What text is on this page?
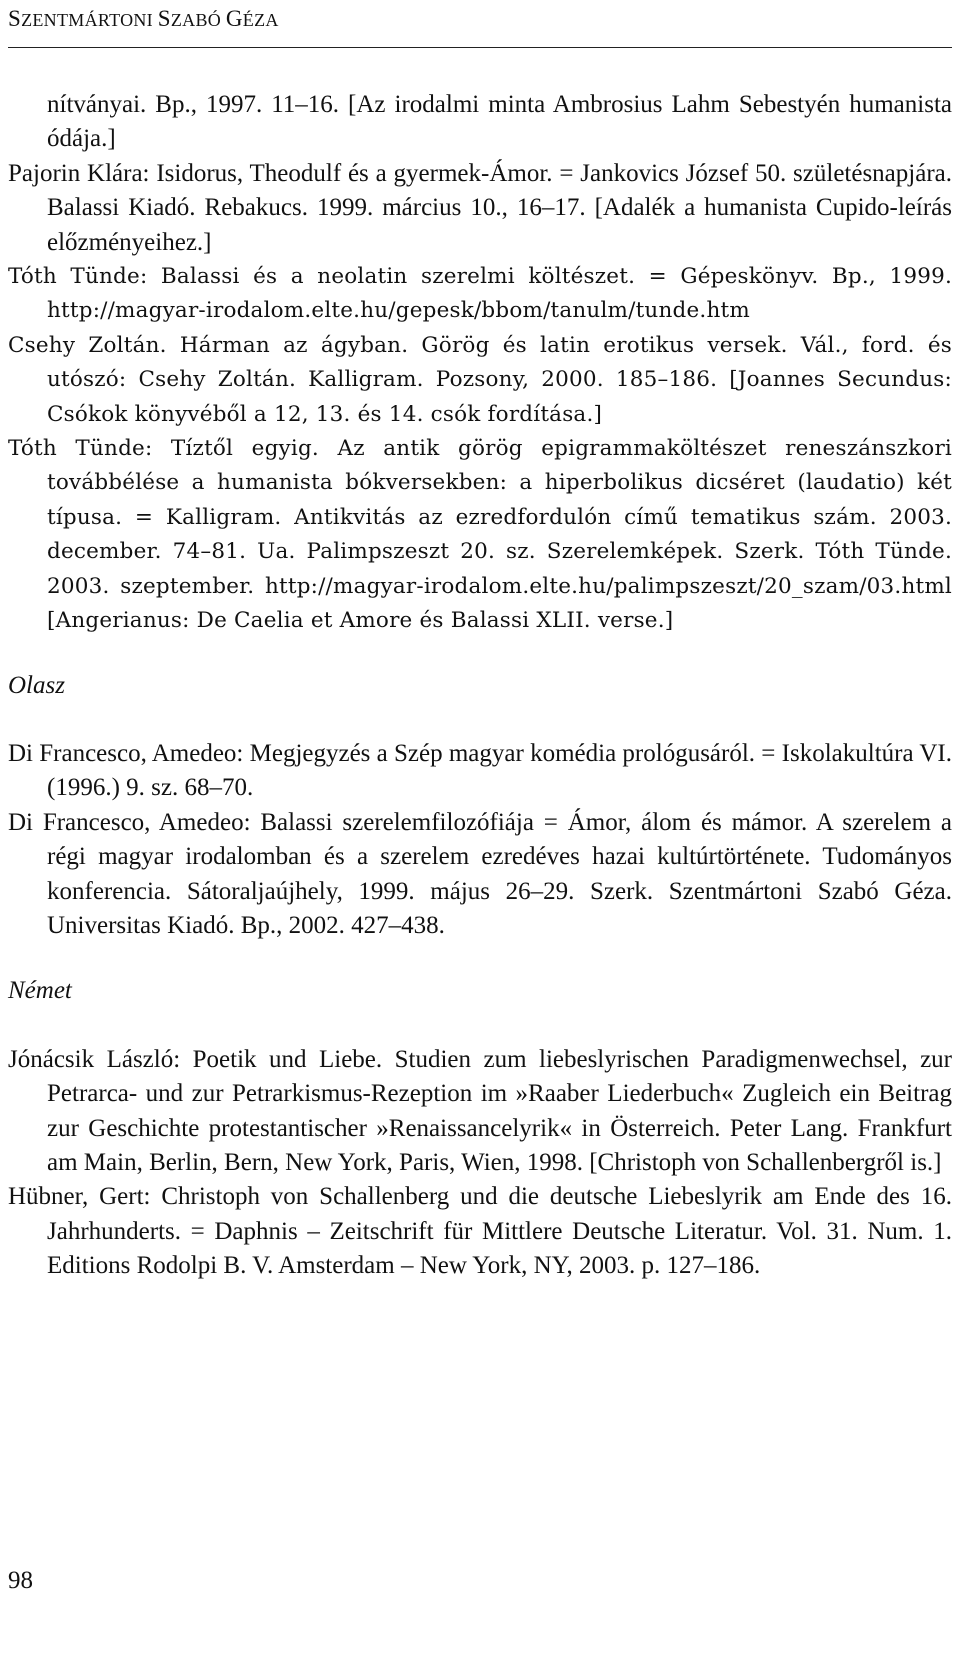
SZENTMÁRTONI SZABÓ GÉZA

nítványai. Bp., 1997. 11–16. [Az irodalmi minta Ambrosius Lahm Sebestyén humanista ódája.]

Pajorin Klára: Isidorus, Theodulf és a gyermek-Ámor. = Jankovics József 50. születésnapjára. Balassi Kiadó. Rebakucs. 1999. március 10., 16–17. [Adalék a humanista Cupido-leírás előzményeihez.]

Tóth Tünde: Balassi és a neolatin szerelmi költészet. = Gépeskönyv. Bp., 1999. http://magyar-irodalom.elte.hu/gepesk/bbom/tanulm/tunde.htm

Csehy Zoltán. Hárman az ágyban. Görög és latin erotikus versek. Vál., ford. és utószó: Csehy Zoltán. Kalligram. Pozsony, 2000. 185–186. [Joannes Secundus: Csókok könyvéből a 12, 13. és 14. csók fordítása.]

Tóth Tünde: Tíztől egyig. Az antik görög epigrammaköltészet reneszánszkori továbbélése a humanista bókversekben: a hiperbolikus dicséret (laudatio) két típusa. = Kalligram. Antikvitás az ezredfordulón című tematikus szám. 2003. december. 74–81. Ua. Palimpszeszt 20. sz. Szerelemképek. Szerk. Tóth Tünde. 2003. szeptember. http://magyar-irodalom.elte.hu/palimpszeszt/20_szam/03.html [Angerianus: De Caelia et Amore és Balassi XLII. verse.]

Olasz

Di Francesco, Amedeo: Megjegyzés a Szép magyar komédia prológusáról. = Iskolakultúra VI. (1996.) 9. sz. 68–70.

Di Francesco, Amedeo: Balassi szerelemfilozófiája = Ámor, álom és mámor. A szerelem a régi magyar irodalomban és a szerelem ezredéves hazai kultúrtörténete. Tudományos konferencia. Sátoraljaújhely, 1999. május 26–29. Szerk. Szentmártoni Szabó Géza. Universitas Kiadó. Bp., 2002. 427–438.

Német

Jónácsik László: Poetik und Liebe. Studien zum liebeslyrischen Paradigmenwechsel, zur Petrarca- und zur Petrarkismus-Rezeption im »Raaber Liederbuch« Zugleich ein Beitrag zur Geschichte protestantischer »Renaissancelyrik« in Österreich. Peter Lang. Frankfurt am Main, Berlin, Bern, New York, Paris, Wien, 1998. [Christoph von Schallenbergről is.]

Hübner, Gert: Christoph von Schallenberg und die deutsche Liebeslyrik am Ende des 16. Jahrhunderts. = Daphnis – Zeitschrift für Mittlere Deutsche Literatur. Vol. 31. Num. 1. Editions Rodolpi B. V. Amsterdam – New York, NY, 2003. p. 127–186.

98
